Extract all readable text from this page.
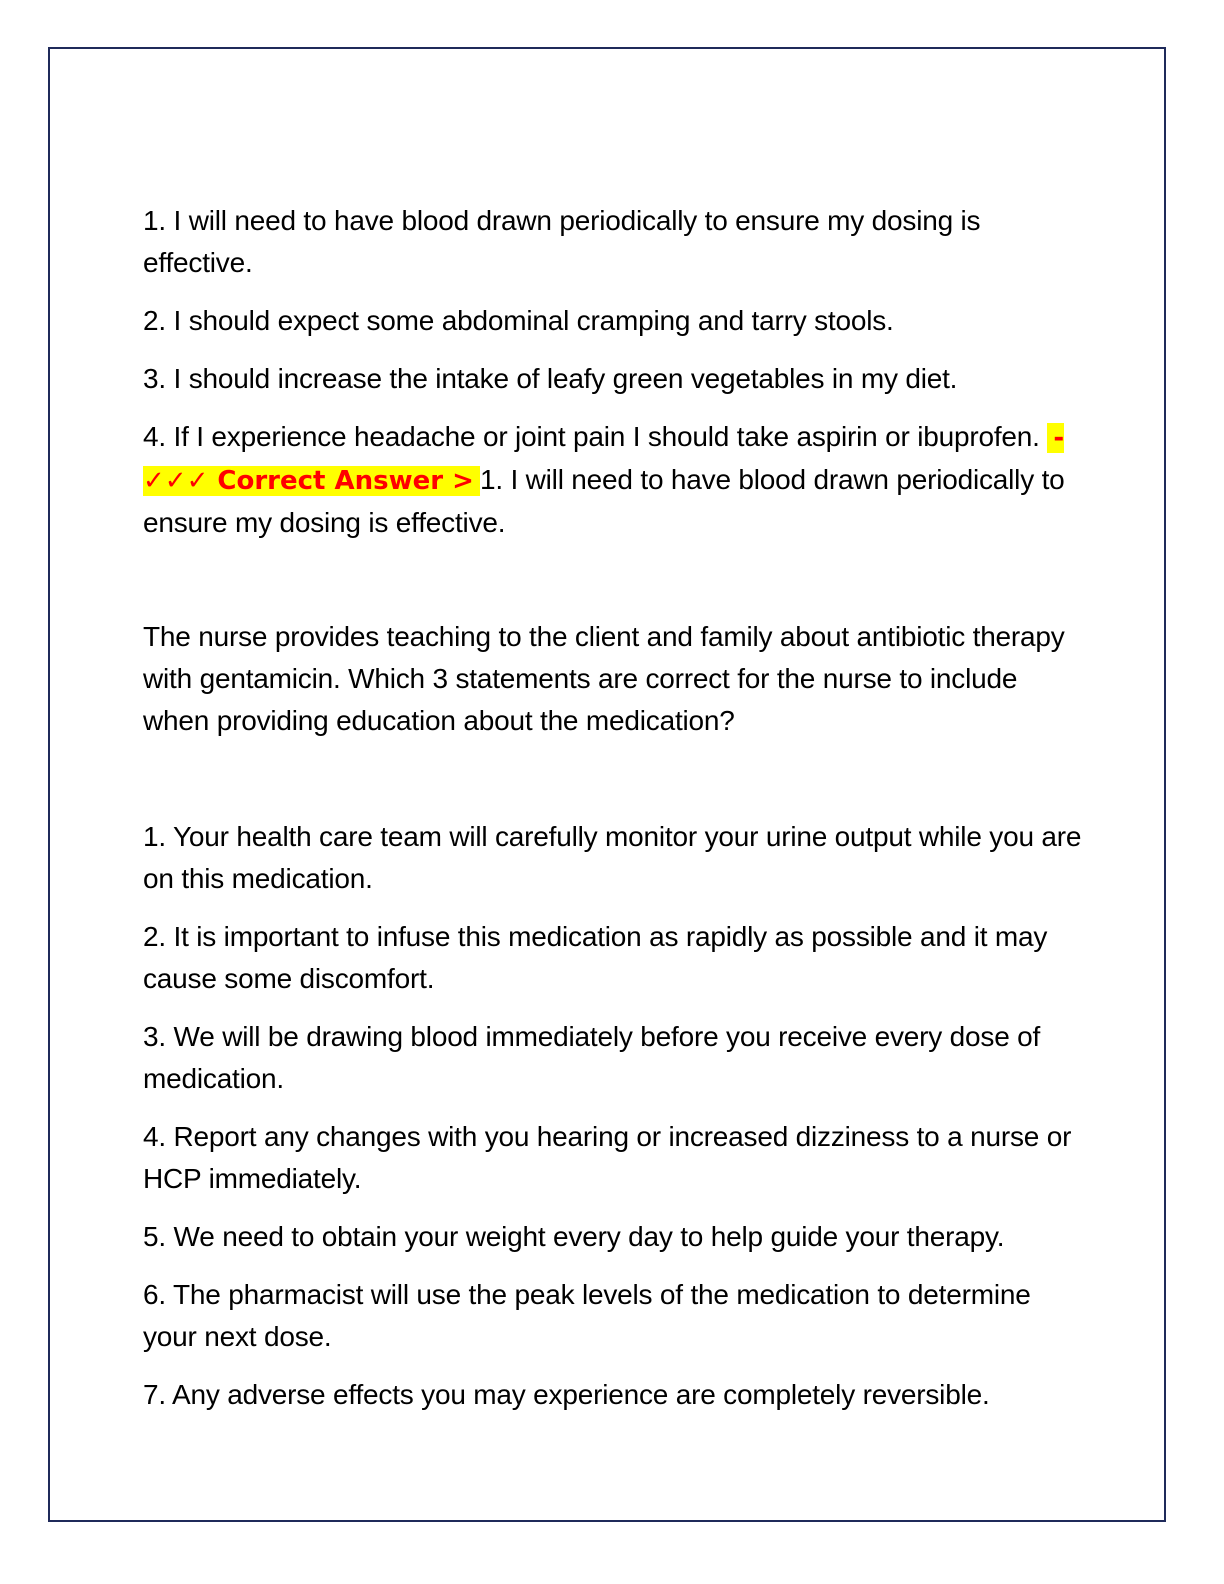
1. I will need to have blood drawn periodically to ensure my dosing is effective.

2. I should expect some abdominal cramping and tarry stools.

3. I should increase the intake of leafy green vegetables in my diet.

4. If I experience headache or joint pain I should take aspirin or ibuprofen. - ✓✓✓ Correct Answer > 1. I will need to have blood drawn periodically to ensure my dosing is effective.

The nurse provides teaching to the client and family about antibiotic therapy with gentamicin. Which 3 statements are correct for the nurse to include when providing education about the medication?

1. Your health care team will carefully monitor your urine output while you are on this medication.

2. It is important to infuse this medication as rapidly as possible and it may cause some discomfort.

3. We will be drawing blood immediately before you receive every dose of medication.

4. Report any changes with you hearing or increased dizziness to a nurse or HCP immediately.

5. We need to obtain your weight every day to help guide your therapy.

6. The pharmacist will use the peak levels of the medication to determine your next dose.

7. Any adverse effects you may experience are completely reversible.
